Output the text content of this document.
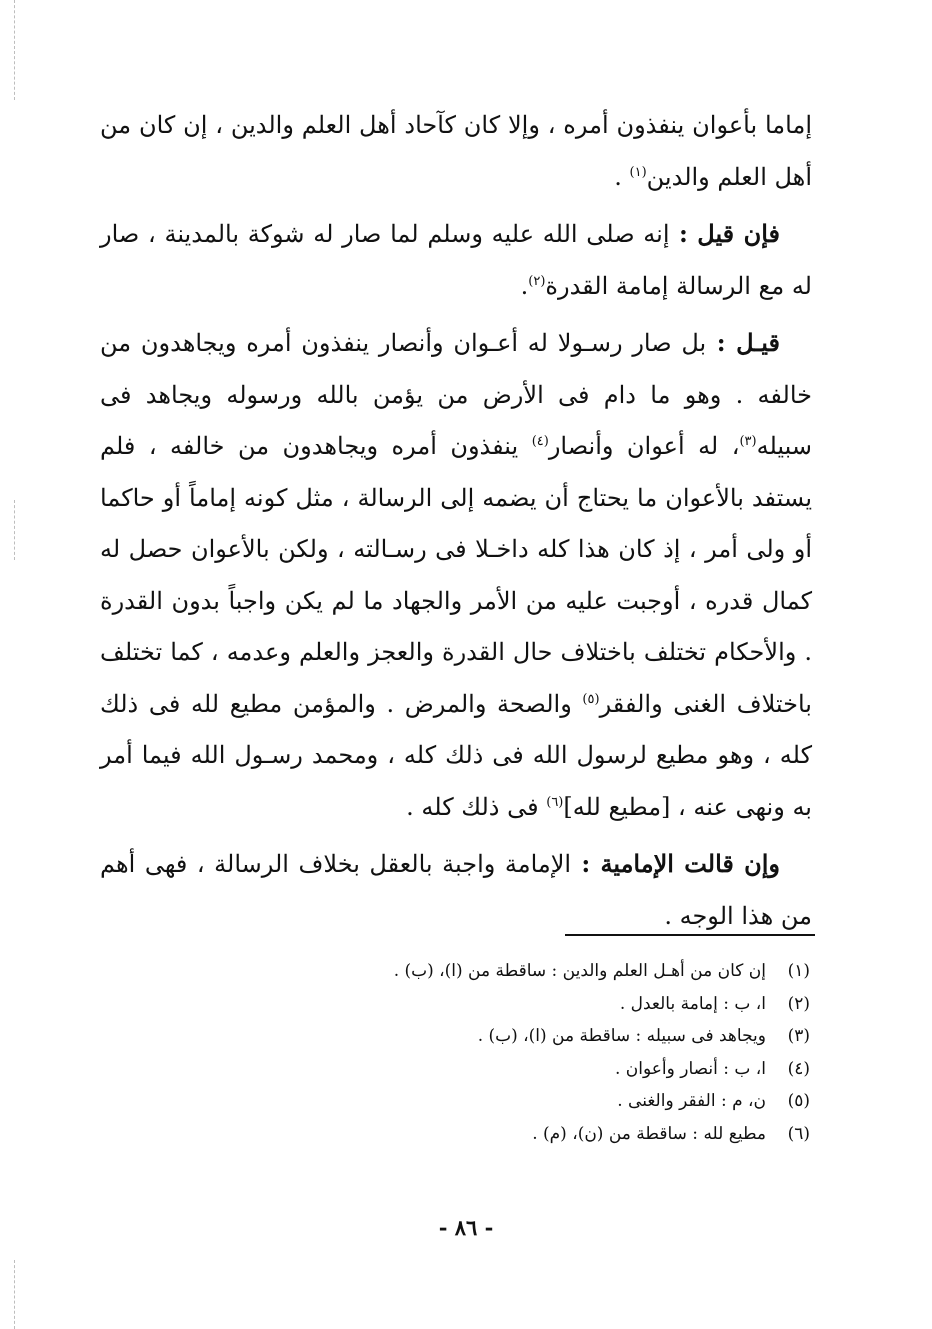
إماما بأعوان ينفذون أمره ، وإلا كان كآحاد أهل العلم والدين ، إن كان من أهل العلم والدين$^{(١)}$ .

فإن قيل :إنه صلى الله عليه وسلم لما صار له شوكة بالمدينة ، صار له مع الرسالة إمامة القدرة$^{(٢)}$.

قيـل :بل صار رسـولا له أعـوان وأنصار ينفذون أمره ويجاهدون من خالفه . وهو ما دام فى الأرض من يؤمن بالله ورسوله ويجاهد فى سبيله$^{(٣)}$، له أعوان وأنصار$^{(٤)}$ ينفذون أمره ويجاهدون من خالفه ، فلم يستفد بالأعوان ما يحتاج أن يضمه إلى الرسالة ، مثل كونه إماماً أو حاكما أو ولى أمر ، إذ كان هذا كله داخـلا فى رسـالته ، ولكن بالأعوان حصل له كمال قدره ، أوجبت عليه من الأمر والجهاد ما لم يكن واجباً بدون القدرة . والأحكام تختلف باختلاف حال القدرة والعجز والعلم وعدمه ، كما تختلف باختلاف الغنى والفقر$^{(٥)}$ والصحة والمرض . والمؤمن مطيع لله فى ذلك كله ، وهو مطيع لرسول الله فى ذلك كله ، ومحمد رسـول الله فيما أمر به ونهى عنه ، [مطيع لله]$^{(٦)}$ فى ذلك كله .

وإن قالت الإمامية :الإمامة واجبة بالعقل بخلاف الرسالة ، فهى أهم من هذا الوجه .

(١)
إن كان من أهـل العلم والدين : ساقطة من (ا)، (ب) .
(٢)
ا، ب : إمامة بالعدل .
(٣)
ويجاهد فى سبيله : ساقطة من (ا)، (ب) .
(٤)
ا، ب : أنصار وأعوان .
(٥)
ن، م : الفقر والغنى .
(٦)
مطيع لله : ساقطة من (ن)، (م) .
- ٨٦ -
